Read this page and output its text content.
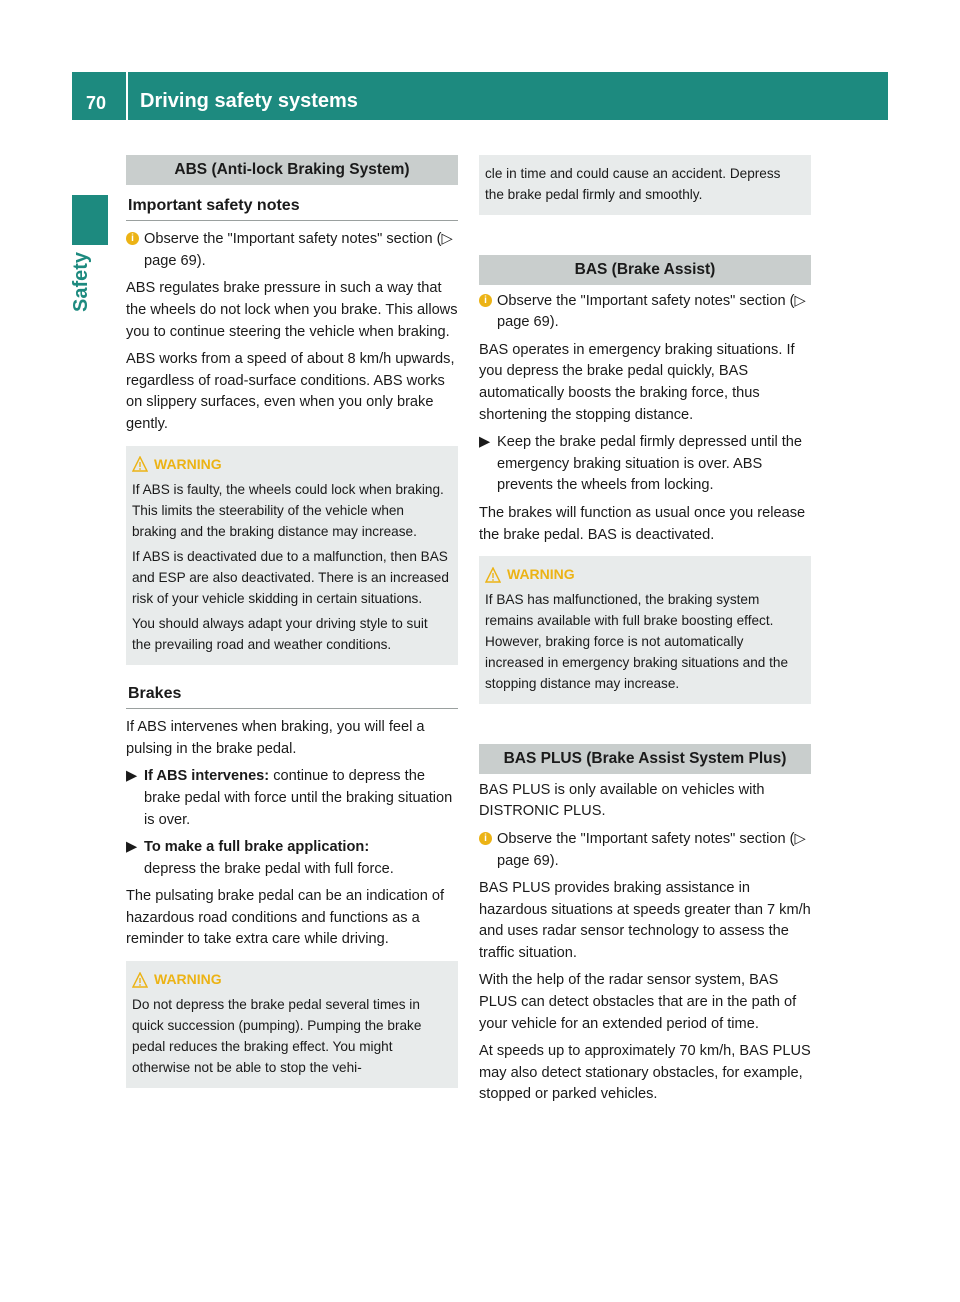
70 Driving safety systems
Safety
ABS (Anti-lock Braking System)
Important safety notes
i Observe the "Important safety notes" section (▷ page 69).

ABS regulates brake pressure in such a way that the wheels do not lock when you brake. This allows you to continue steering the vehicle when braking.

ABS works from a speed of about 8 km/h upwards, regardless of road-surface conditions. ABS works on slippery surfaces, even when you only brake gently.

WARNING

If ABS is faulty, the wheels could lock when braking. This limits the steerability of the vehicle when braking and the braking distance may increase.

If ABS is deactivated due to a malfunction, then BAS and ESP are also deactivated. There is an increased risk of your vehicle skidding in certain situations.

You should always adapt your driving style to suit the prevailing road and weather conditions.

Brakes

If ABS intervenes when braking, you will feel a pulsing in the brake pedal.

▶ If ABS intervenes: continue to depress the brake pedal with force until the braking situation is over.
▶ To make a full brake application:
depress the brake pedal with full force.

The pulsating brake pedal can be an indication of hazardous road conditions and functions as a reminder to take extra care while driving.

WARNING

Do not depress the brake pedal several times in quick succession (pumping). Pumping the brake pedal reduces the braking effect. You might otherwise not be able to stop the vehi-

cle in time and could cause an accident. Depress the brake pedal firmly and smoothly.

BAS (Brake Assist)
i Observe the "Important safety notes" section (▷ page 69).

BAS operates in emergency braking situations. If you depress the brake pedal quickly, BAS automatically boosts the braking force, thus shortening the stopping distance.

▶ Keep the brake pedal firmly depressed until the emergency braking situation is over. ABS prevents the wheels from locking.

The brakes will function as usual once you release the brake pedal. BAS is deactivated.

WARNING

If BAS has malfunctioned, the braking system remains available with full brake boosting effect. However, braking force is not automatically increased in emergency braking situations and the stopping distance may increase.

BAS PLUS (Brake Assist System Plus)

BAS PLUS is only available on vehicles with DISTRONIC PLUS.

i Observe the "Important safety notes" section (▷ page 69).

BAS PLUS provides braking assistance in hazardous situations at speeds greater than 7 km/h and uses radar sensor technology to assess the traffic situation.

With the help of the radar sensor system, BAS PLUS can detect obstacles that are in the path of your vehicle for an extended period of time.

At speeds up to approximately 70 km/h, BAS PLUS may also detect stationary obstacles, for example, stopped or parked vehicles.
